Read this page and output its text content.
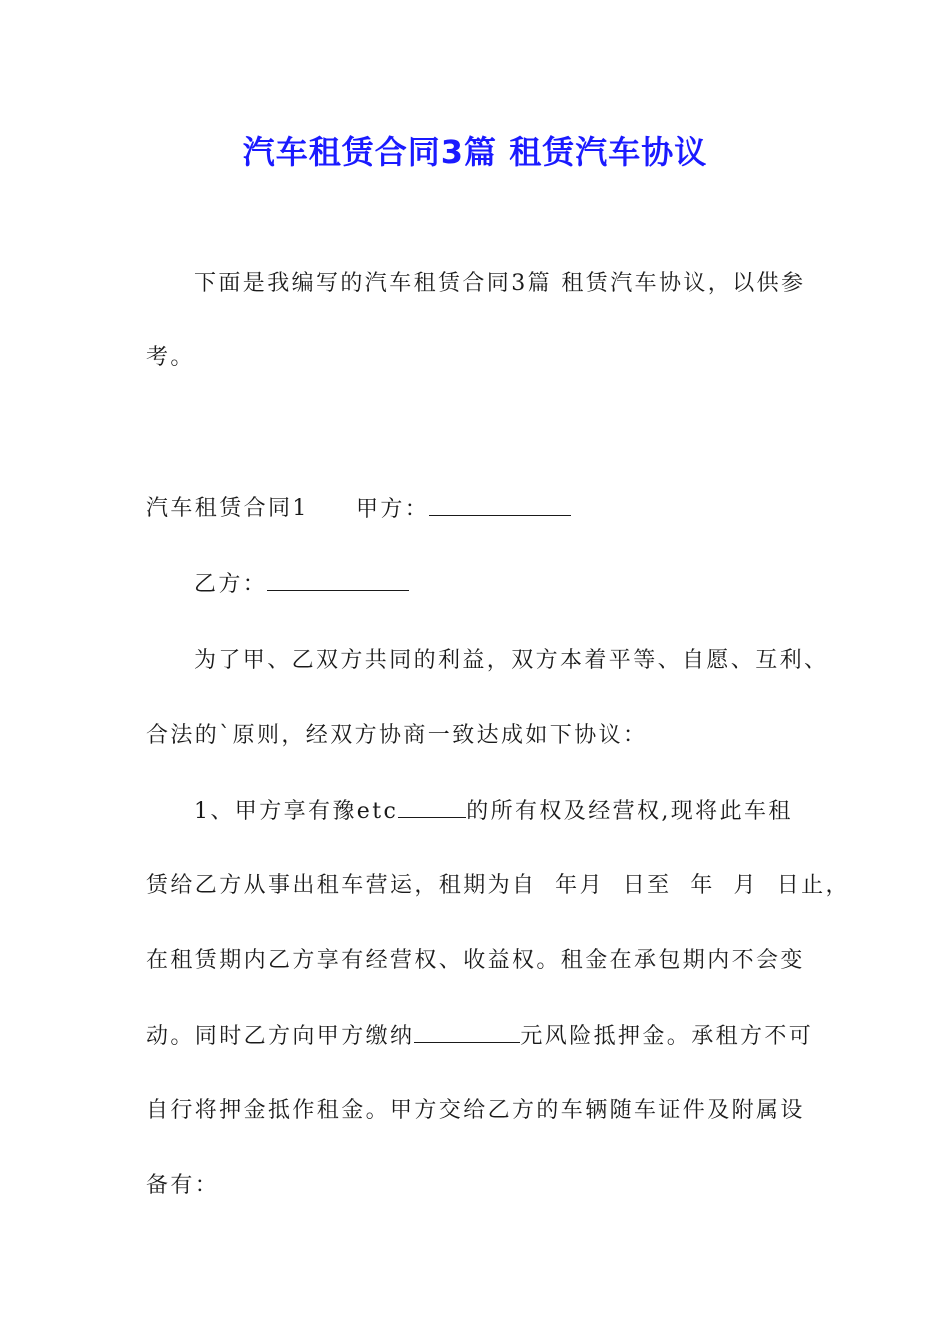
汽车租赁合同3篇 租赁汽车协议
下面是我编写的汽车租赁合同3篇 租赁汽车协议，以供参
考。
汽车租赁合同1 甲方：
乙方：
为了甲、乙双方共同的利益，双方本着平等、自愿、互利、
合法的`原则，经双方协商一致达成如下协议：
1、甲方享有豫etc	的所有权及经营权,现将此车租
赁给乙方从事出租车营运，租期为自  年月  日至  年  月  日止，
在租赁期内乙方享有经营权、收益权。租金在承包期内不会变
动。同时乙方向甲方缴纳	元风险抵押金。承租方不可
自行将押金抵作租金。甲方交给乙方的车辆随车证件及附属设
备有：
